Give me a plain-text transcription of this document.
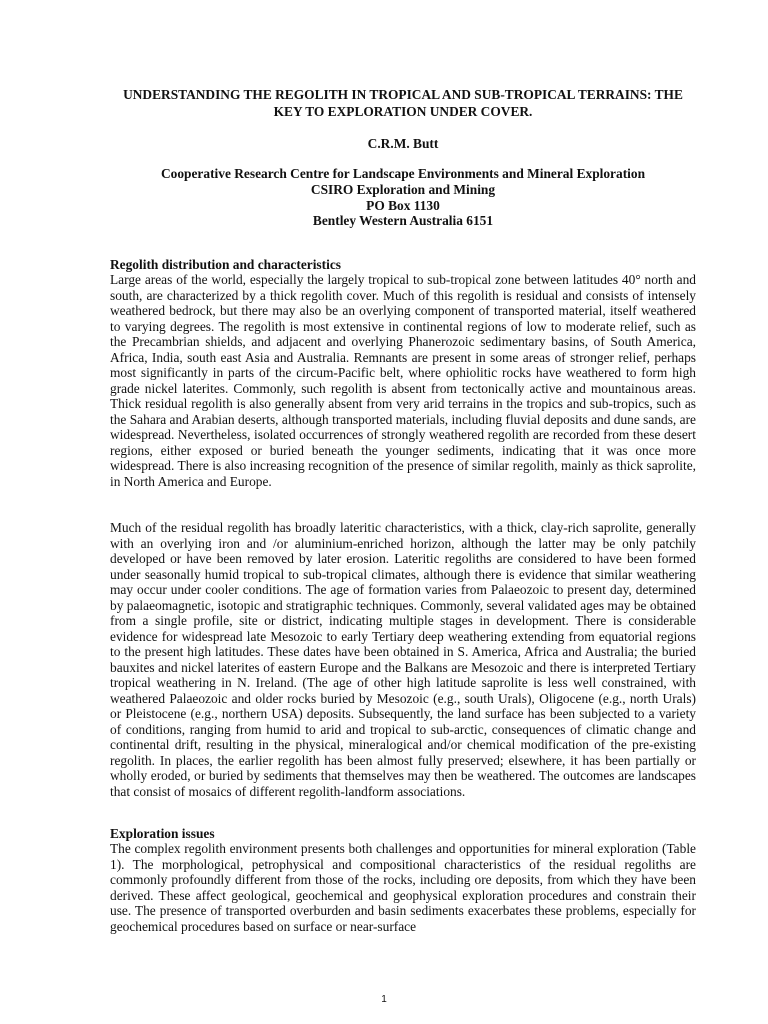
UNDERSTANDING THE REGOLITH IN TROPICAL AND SUB-TROPICAL TERRAINS: THE KEY TO EXPLORATION UNDER COVER.
C.R.M. Butt
Cooperative Research Centre for Landscape Environments and Mineral Exploration
CSIRO Exploration and Mining
PO Box 1130
Bentley Western Australia 6151
Regolith distribution and characteristics

Large areas of the world, especially the largely tropical to sub-tropical zone between latitudes 40° north and south, are characterized by a thick regolith cover. Much of this regolith is residual and consists of intensely weathered bedrock, but there may also be an overlying component of transported material, itself weathered to varying degrees. The regolith is most extensive in continental regions of low to moderate relief, such as the Precambrian shields, and adjacent and overlying Phanerozoic sedimentary basins, of South America, Africa, India, south east Asia and Australia. Remnants are present in some areas of stronger relief, perhaps most significantly in parts of the circum-Pacific belt, where ophiolitic rocks have weathered to form high grade nickel laterites. Commonly, such regolith is absent from tectonically active and mountainous areas. Thick residual regolith is also generally absent from very arid terrains in the tropics and sub-tropics, such as the Sahara and Arabian deserts, although transported materials, including fluvial deposits and dune sands, are widespread. Nevertheless, isolated occurrences of strongly weathered regolith are recorded from these desert regions, either exposed or buried beneath the younger sediments, indicating that it was once more widespread. There is also increasing recognition of the presence of similar regolith, mainly as thick saprolite, in North America and Europe.

Much of the residual regolith has broadly lateritic characteristics, with a thick, clay-rich saprolite, generally with an overlying iron and /or aluminium-enriched horizon, although the latter may be only patchily developed or have been removed by later erosion. Lateritic regoliths are considered to have been formed under seasonally humid tropical to sub-tropical climates, although there is evidence that similar weathering may occur under cooler conditions. The age of formation varies from Palaeozoic to present day, determined by palaeomagnetic, isotopic and stratigraphic techniques. Commonly, several validated ages may be obtained from a single profile, site or district, indicating multiple stages in development. There is considerable evidence for widespread late Mesozoic to early Tertiary deep weathering extending from equatorial regions to the present high latitudes. These dates have been obtained in S. America, Africa and Australia; the buried bauxites and nickel laterites of eastern Europe and the Balkans are Mesozoic and there is interpreted Tertiary tropical weathering in N. Ireland. (The age of other high latitude saprolite is less well constrained, with weathered Palaeozoic and older rocks buried by Mesozoic (e.g., south Urals), Oligocene (e.g., north Urals) or Pleistocene (e.g., northern USA) deposits. Subsequently, the land surface has been subjected to a variety of conditions, ranging from humid to arid and tropical to sub-arctic, consequences of climatic change and continental drift, resulting in the physical, mineralogical and/or chemical modification of the pre-existing regolith. In places, the earlier regolith has been almost fully preserved; elsewhere, it has been partially or wholly eroded, or buried by sediments that themselves may then be weathered. The outcomes are landscapes that consist of mosaics of different regolith-landform associations.

Exploration issues

The complex regolith environment presents both challenges and opportunities for mineral exploration (Table 1). The morphological, petrophysical and compositional characteristics of the residual regoliths are commonly profoundly different from those of the rocks, including ore deposits, from which they have been derived. These affect geological, geochemical and geophysical exploration procedures and constrain their use. The presence of transported overburden and basin sediments exacerbates these problems, especially for geochemical procedures based on surface or near-surface

1
